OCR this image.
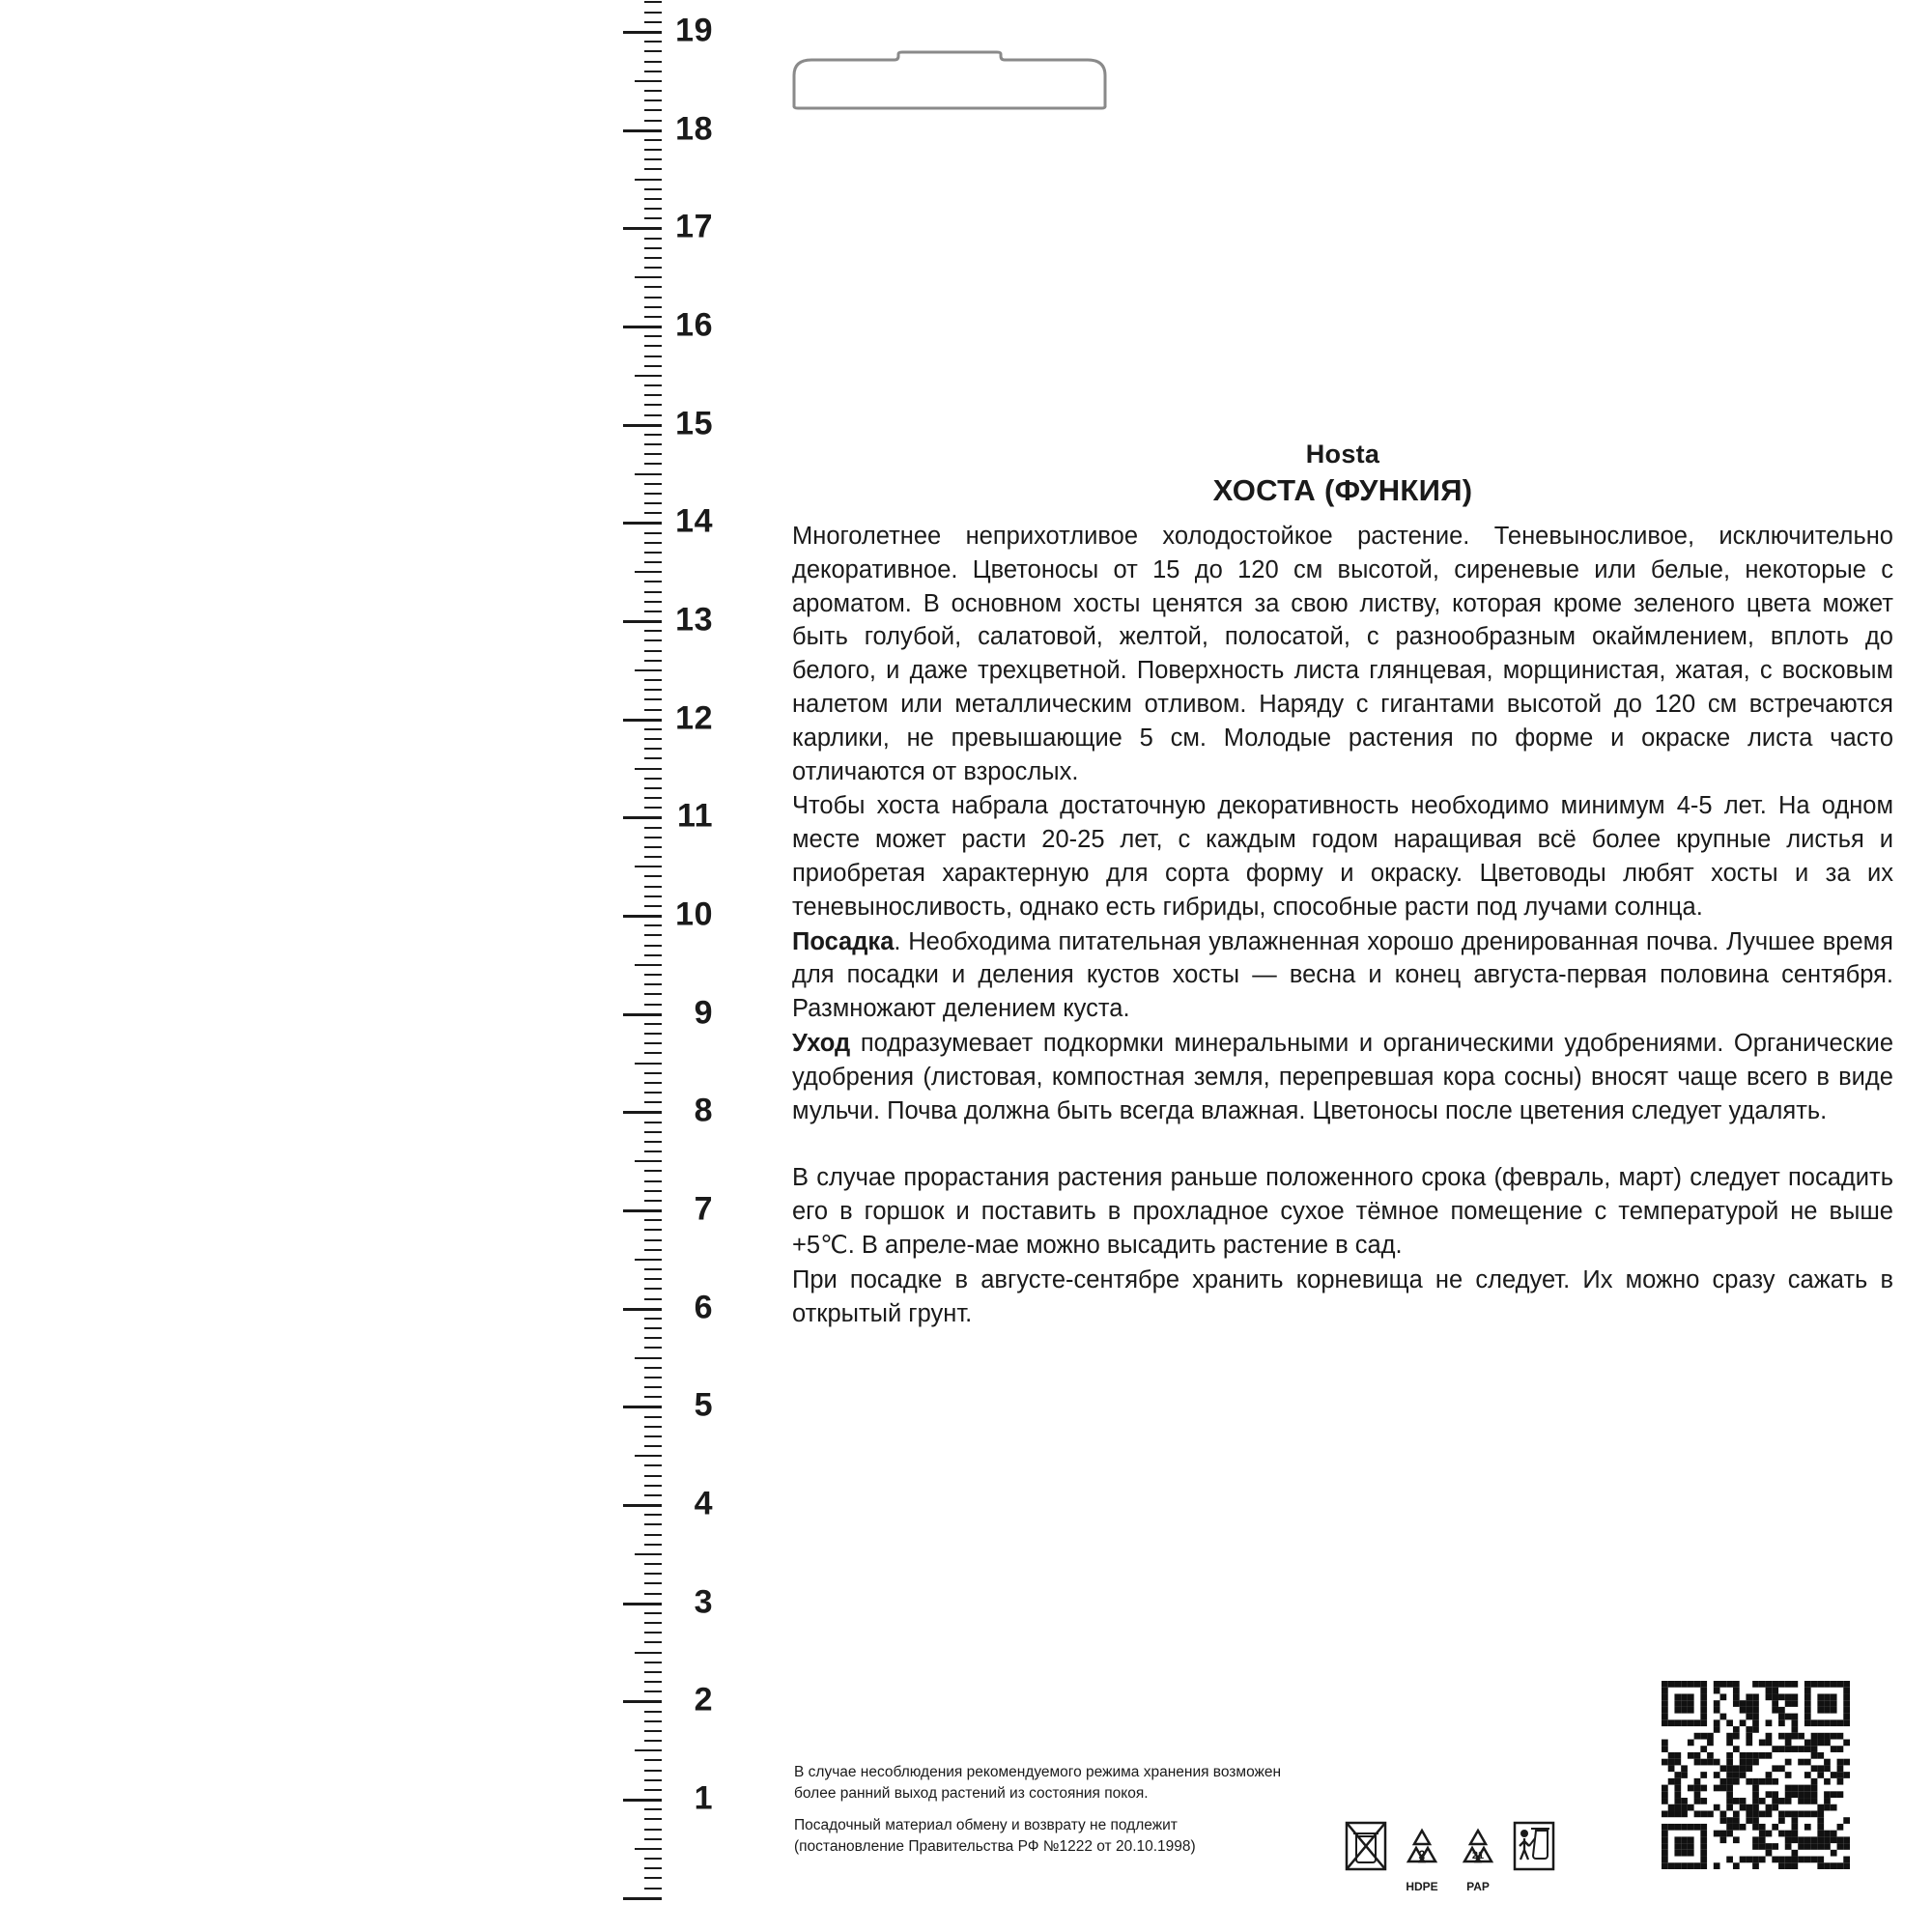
1
2
3
4
5
6
7
8
9
10
11
12
13
14
15
16
17
18
19
Hosta
ХОСТА (ФУНКИЯ)

Многолетнее неприхотливое холодостойкое растение. Теневыносливое, исключительно декоративное. Цветоносы от 15 до 120 см высотой, сиреневые или белые, некоторые с ароматом. В основном хосты ценятся за свою листву, которая кроме зеленого цвета может быть голубой, салатовой, желтой, полосатой, с разнообразным окаймлением, вплоть до белого, и даже трехцветной. Поверхность листа глянцевая, морщинистая, жатая, с восковым налетом или металлическим отливом. Наряду с гигантами высотой до 120 см встречаются карлики, не превышающие 5 см. Молодые растения по форме и окраске листа часто отличаются от взрослых.

Чтобы хоста набрала достаточную декоративность необходимо минимум 4-5 лет. На одном месте может расти 20-25 лет, с каждым годом наращивая всё более крупные листья и приобретая характерную для сорта форму и окраску. Цветоводы любят хосты и за их теневыносливость, однако есть гибриды, способные расти под лучами солнца.

Посадка. Необходима питательная увлажненная хорошо дренированная почва. Лучшее время для посадки и деления кустов хосты — весна и конец августа-первая половина сентября. Размножают делением куста.

Уход подразумевает подкормки минеральными и органическими удобрениями. Органические удобрения (листовая, компостная земля, перепревшая кора сосны) вносят чаще всего в виде мульчи. Почва должна быть всегда влажная. Цветоносы после цветения следует удалять.

В случае прорастания растения раньше положенного срока (февраль, март) следует посадить его в горшок и поставить в прохладное сухое тёмное помещение с температурой не выше +5℃. В апреле-мае можно высадить растение в сад.

При посадке в августе-сентябре хранить корневища не следует. Их можно сразу сажать в открытый грунт.

В случае несоблюдения рекомендуемого режима хранения возможен
более ранний выход растений из состояния покоя.
Посадочный материал обмену и возврату не подлежит
(постановление Правительства РФ №1222 от 20.10.1998)	2
HDPE
21
PAP
